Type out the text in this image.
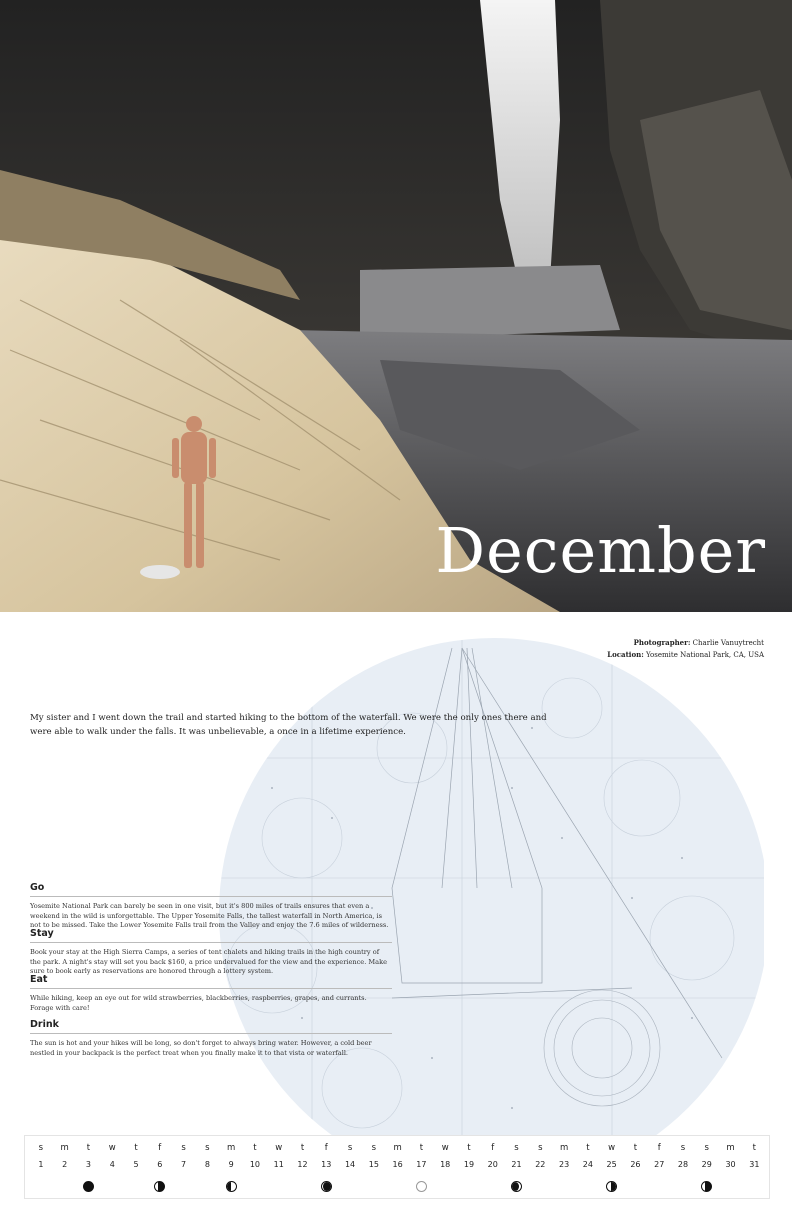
December
Photographer: Charlie Vanuytrecht
Location: Yosemite National Park, CA, USA

My sister and I went down the trail and started hiking to the bottom of the waterfall. We were the only ones there and were able to walk under the falls. It was unbelievable, a once in a lifetime experience.

Go

Yosemite National Park can barely be seen in one visit, but it's 800 miles of trails ensures that even a weekend in the wild is unforgettable. The Upper Yosemite Falls, the tallest waterfall in North America, is not to be missed. Take the Lower Yosemite Falls trail from the Valley and enjoy the 7.6 miles of wilderness.

Stay

Book your stay at the High Sierra Camps, a series of tent chalets and hiking trails in the high country of the park. A night's stay will set you back $160, a price undervalued for the view and the experience. Make sure to book early as reservations are honored through a lottery system.

Eat

While hiking, keep an eye out for wild strawberries, blackberries, raspberries, grapes, and currants. Forage with care!

Drink

The sun is hot and your hikes will be long, so don't forget to always bring water. However, a cold beer nestled in your backpack is the perfect treat when you finally make it to that vista or waterfall.

s	m	t	w	t	f	s	s	m	t	w	t	f	s	s	m	t	w	t	f	s	s	m	t	w	t	f	s	s	m	t
1	2	3	4	5	6	7	8	9	10	11	12	13	14	15	16	17	18	19	20	21	22	23	24	25	26	27	28	29	30	31
